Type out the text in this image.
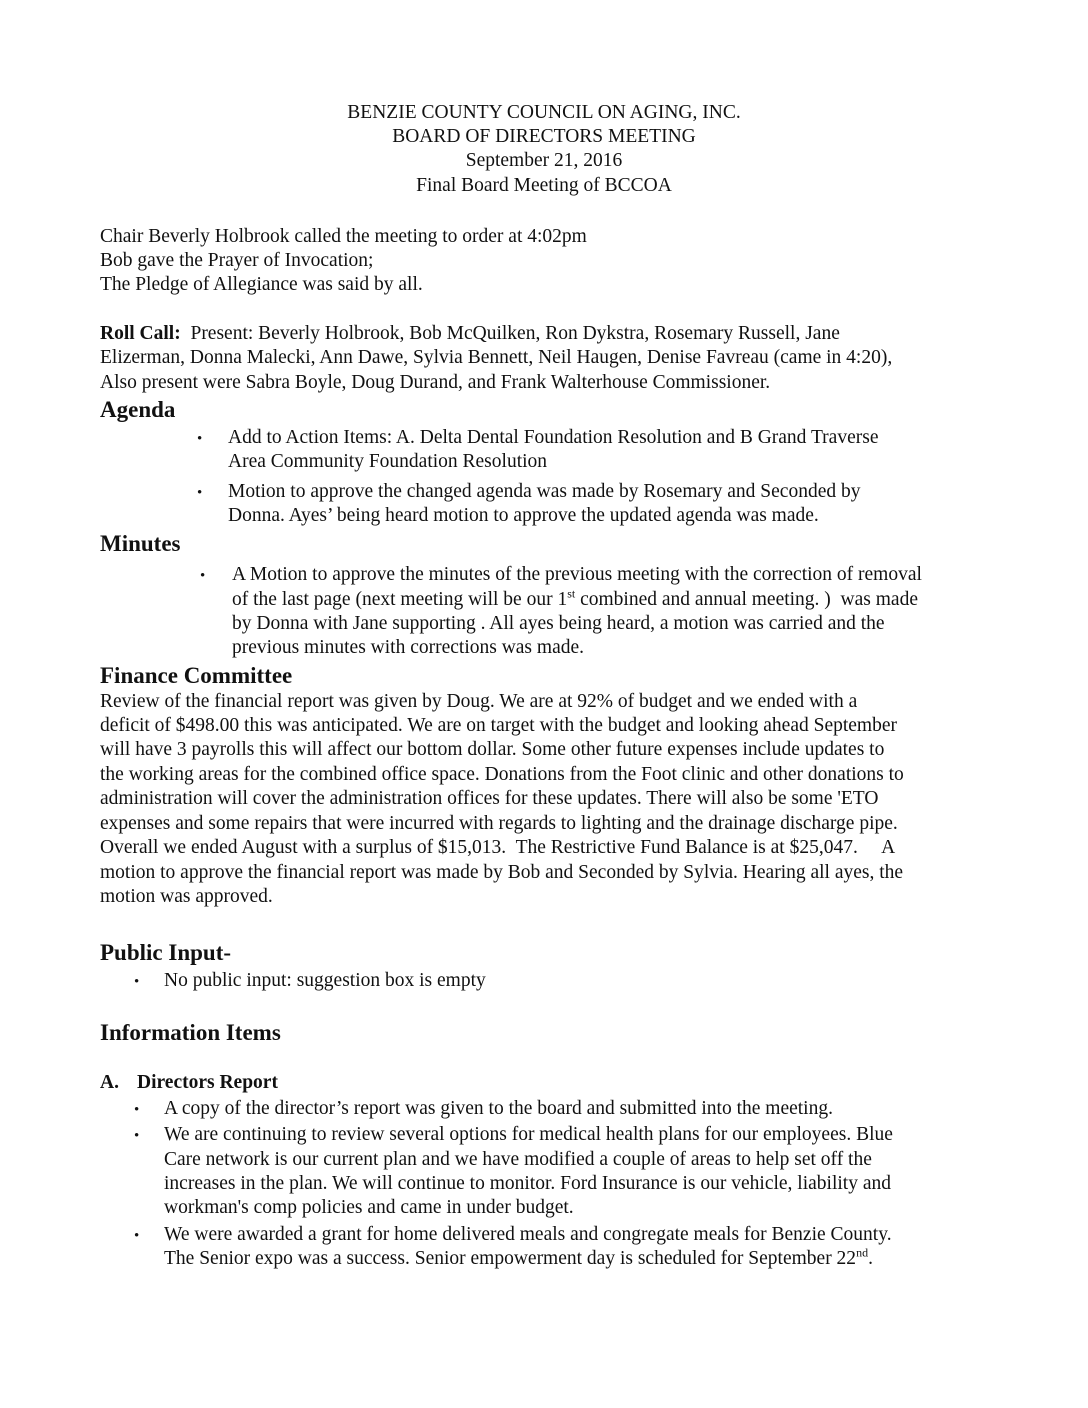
BENZIE COUNTY COUNCIL ON AGING, INC.
BOARD OF DIRECTORS MEETING
September 21, 2016
Final Board Meeting of BCCOA
Chair Beverly Holbrook called the meeting to order at 4:02pm
Bob gave the Prayer of Invocation;
The Pledge of Allegiance was said by all.
Roll Call:  Present: Beverly Holbrook, Bob McQuilken, Ron Dykstra, Rosemary Russell, Jane
Elizerman, Donna Malecki, Ann Dawe, Sylvia Bennett, Neil Haugen, Denise Favreau (came in 4:20),
Also present were Sabra Boyle, Doug Durand, and Frank Walterhouse Commissioner.
Agenda
• Add to Action Items: A. Delta Dental Foundation Resolution and B Grand Traverse
Area Community Foundation Resolution
• Motion to approve the changed agenda was made by Rosemary and Seconded by
Donna. Ayes’ being heard motion to approve the updated agenda was made.
Minutes
• A Motion to approve the minutes of the previous meeting with the correction of removal
of the last page (next meeting will be our 1st combined and annual meeting. )  was made
by Donna with Jane supporting . All ayes being heard, a motion was carried and the
previous minutes with corrections was made.
Finance Committee
Review of the financial report was given by Doug. We are at 92% of budget and we ended with a
deficit of $498.00 this was anticipated. We are on target with the budget and looking ahead September
will have 3 payrolls this will affect our bottom dollar. Some other future expenses include updates to
the working areas for the combined office space. Donations from the Foot clinic and other donations to
administration will cover the administration offices for these updates. There will also be some 'ETO
expenses and some repairs that were incurred with regards to lighting and the drainage discharge pipe.
Overall we ended August with a surplus of $15,013.  The Restrictive Fund Balance is at $25,047.     A
motion to approve the financial report was made by Bob and Seconded by Sylvia. Hearing all ayes, the
motion was approved.
Public Input-
• No public input: suggestion box is empty
Information Items
A. Directors Report
• A copy of the director’s report was given to the board and submitted into the meeting.
• We are continuing to review several options for medical health plans for our employees. Blue
Care network is our current plan and we have modified a couple of areas to help set off the
increases in the plan. We will continue to monitor. Ford Insurance is our vehicle, liability and
workman's comp policies and came in under budget.
• We were awarded a grant for home delivered meals and congregate meals for Benzie County.
The Senior expo was a success. Senior empowerment day is scheduled for September 22nd.
